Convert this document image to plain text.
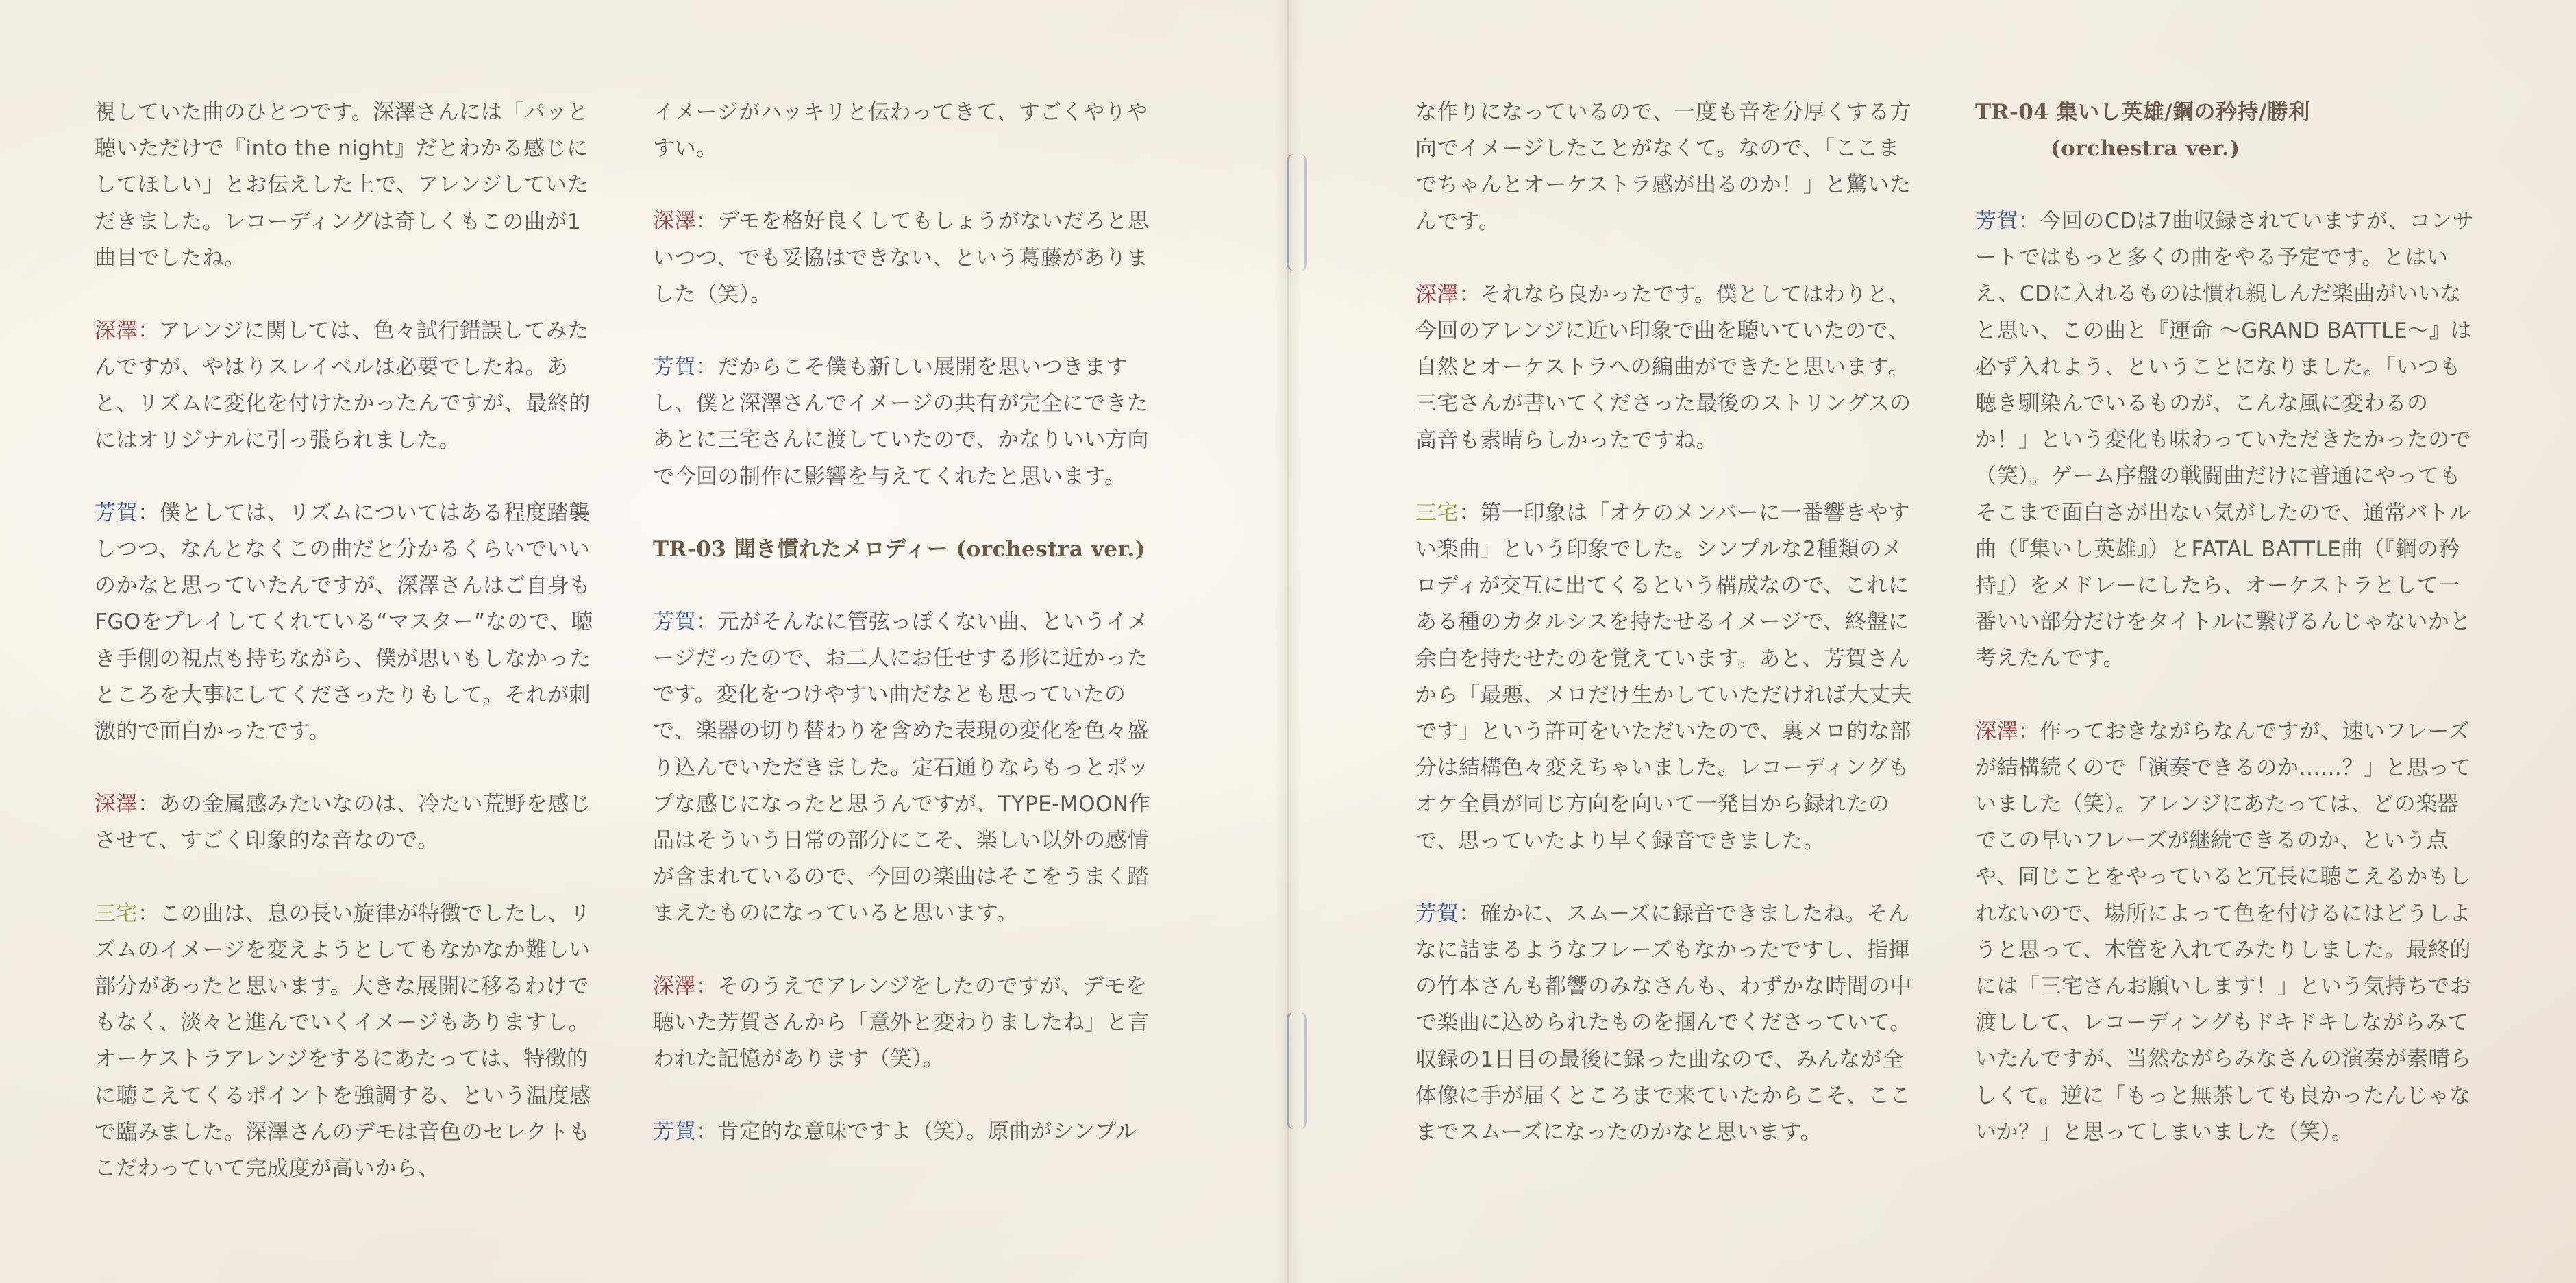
視していた曲のひとつです。深澤さんには「パッと聴いただけで『into the night』だとわかる感じにしてほしい」とお伝えした上で、アレンジしていただきました。レコーディングは奇しくもこの曲が1曲目でしたね。

深澤：アレンジに関しては、色々試行錯誤してみたんですが、やはりスレイベルは必要でしたね。あと、リズムに変化を付けたかったんですが、最終的にはオリジナルに引っ張られました。

芳賀：僕としては、リズムについてはある程度踏襲しつつ、なんとなくこの曲だと分かるくらいでいいのかなと思っていたんですが、深澤さんはご自身もFGOをプレイしてくれている“マスター”なので、聴き手側の視点も持ちながら、僕が思いもしなかったところを大事にしてくださったりもして。それが刺激的で面白かったです。

深澤：あの金属感みたいなのは、冷たい荒野を感じさせて、すごく印象的な音なので。

三宅：この曲は、息の長い旋律が特徴でしたし、リズムのイメージを変えようとしてもなかなか難しい部分があったと思います。大きな展開に移るわけでもなく、淡々と進んでいくイメージもありますし。オーケストラアレンジをするにあたっては、特徴的に聴こえてくるポイントを強調する、という温度感で臨みました。深澤さんのデモは音色のセレクトもこだわっていて完成度が高いから、

イメージがハッキリと伝わってきて、すごくやりやすい。

深澤：デモを格好良くしてもしょうがないだろと思いつつ、でも妥協はできない、という葛藤がありました（笑）。

芳賀：だからこそ僕も新しい展開を思いつきますし、僕と深澤さんでイメージの共有が完全にできたあとに三宅さんに渡していたので、かなりいい方向で今回の制作に影響を与えてくれたと思います。

TR-03 聞き慣れたメロディー (orchestra ver.)

芳賀：元がそんなに管弦っぽくない曲、というイメージだったので、お二人にお任せする形に近かったです。変化をつけやすい曲だなとも思っていたので、楽器の切り替わりを含めた表現の変化を色々盛り込んでいただきました。定石通りならもっとポップな感じになったと思うんですが、TYPE-MOON作品はそういう日常の部分にこそ、楽しい以外の感情が含まれているので、今回の楽曲はそこをうまく踏まえたものになっていると思います。

深澤：そのうえでアレンジをしたのですが、デモを聴いた芳賀さんから「意外と変わりましたね」と言われた記憶があります（笑）。

芳賀：肯定的な意味ですよ（笑）。原曲がシンプル

な作りになっているので、一度も音を分厚くする方向でイメージしたことがなくて。なので、「ここまでちゃんとオーケストラ感が出るのか！」と驚いたんです。

深澤：それなら良かったです。僕としてはわりと、今回のアレンジに近い印象で曲を聴いていたので、自然とオーケストラへの編曲ができたと思います。三宅さんが書いてくださった最後のストリングスの高音も素晴らしかったですね。

三宅：第一印象は「オケのメンバーに一番響きやすい楽曲」という印象でした。シンプルな2種類のメロディが交互に出てくるという構成なので、これにある種のカタルシスを持たせるイメージで、終盤に余白を持たせたのを覚えています。あと、芳賀さんから「最悪、メロだけ生かしていただければ大丈夫です」という許可をいただいたので、裏メロ的な部分は結構色々変えちゃいました。レコーディングもオケ全員が同じ方向を向いて一発目から録れたので、思っていたより早く録音できました。

芳賀：確かに、スムーズに録音できましたね。そんなに詰まるようなフレーズもなかったですし、指揮の竹本さんも都響のみなさんも、わずかな時間の中で楽曲に込められたものを掴んでくださっていて。収録の1日目の最後に録った曲なので、みんなが全体像に手が届くところまで来ていたからこそ、ここまでスムーズになったのかなと思います。

TR-04 集いし英雄/鋼の矜持/勝利
(orchestra ver.)

芳賀：今回のCDは7曲収録されていますが、コンサートではもっと多くの曲をやる予定です。とはいえ、CDに入れるものは慣れ親しんだ楽曲がいいなと思い、この曲と『運命 ～GRAND BATTLE～』は必ず入れよう、ということになりました。「いつも聴き馴染んでいるものが、こんな風に変わるのか！」という変化も味わっていただきたかったので（笑）。ゲーム序盤の戦闘曲だけに普通にやってもそこまで面白さが出ない気がしたので、通常バトル曲（『集いし英雄』）とFATAL BATTLE曲（『鋼の矜持』）をメドレーにしたら、オーケストラとして一番いい部分だけをタイトルに繋げるんじゃないかと考えたんです。

深澤：作っておきながらなんですが、速いフレーズが結構続くので「演奏できるのか……？」と思っていました（笑）。アレンジにあたっては、どの楽器でこの早いフレーズが継続できるのか、という点や、同じことをやっていると冗長に聴こえるかもしれないので、場所によって色を付けるにはどうしようと思って、木管を入れてみたりしました。最終的には「三宅さんお願いします！」という気持ちでお渡しして、レコーディングもドキドキしながらみていたんですが、当然ながらみなさんの演奏が素晴らしくて。逆に「もっと無茶しても良かったんじゃないか？」と思ってしまいました（笑）。
